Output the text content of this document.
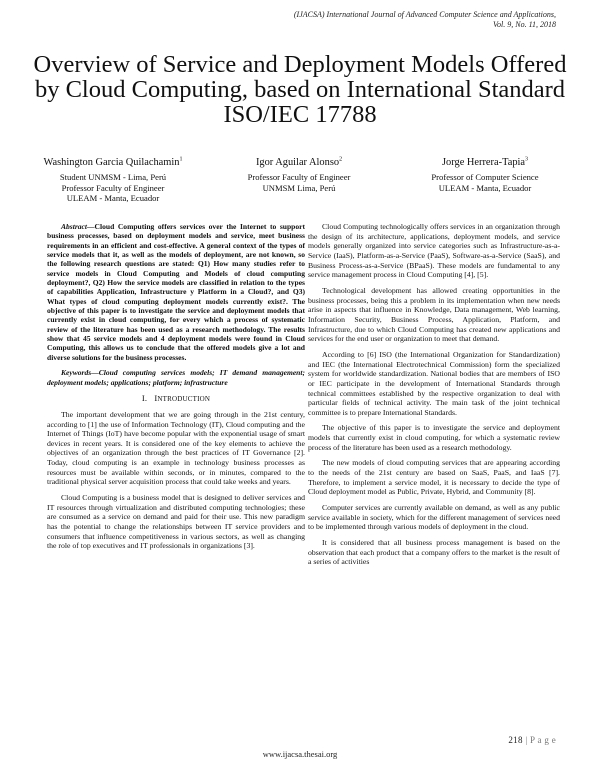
(IJACSA) International Journal of Advanced Computer Science and Applications,
Vol. 9, No. 11, 2018
Overview of Service and Deployment Models Offered by Cloud Computing, based on International Standard ISO/IEC 17788
Washington Garcia Quilachamin$^1$
Student UNMSM - Lima, Perú
Professor Faculty of Engineer
ULEAM - Manta, Ecuador
Igor Aguilar Alonso$^2$
Professor Faculty of Engineer
UNMSM Lima, Perú
Jorge Herrera-Tapia$^3$
Professor of Computer Science
ULEAM - Manta, Ecuador

Abstract—Cloud Computing offers services over the Internet to support business processes, based on deployment models and service, meet business requirements in an efficient and cost-effective. A general context of the types of service models that it, as well as the models of deployment, are not known, so the following research questions are stated: Q1) How many studies refer to service models in Cloud Computing and Models of cloud computing deployment?, Q2) How the service models are classified in relation to the types of capabilities Application, Infrastructure y Platform in a Cloud?, and Q3) What types of cloud computing deployment models currently exist?. The objective of this paper is to investigate the service and deployment models that currently exist in cloud computing, for every which a process of systematic review of the literature has been used as a research methodology. The results show that 45 service models and 4 deployment models were found in Cloud Computing, this allows us to conclude that the offered models give a lot and diverse solutions for the business processes.

Keywords—Cloud computing services models; IT demand management; deployment models; applications; platform; infrastructure

I. INTRODUCTION

The important development that we are going through in the 21st century, according to [1] the use of Information Technology (IT), Cloud computing and the Internet of Things (IoT) have become popular with the exponential usage of smart devices in recent years. It is considered one of the key elements to achieve the objectives of an organization through the best practices of IT Governance [2]. Today, cloud computing is an example in technology business processes as resources must be available within seconds, or in minutes, compared to the traditional physical server acquisition process that could take weeks and years.

Cloud Computing is a business model that is designed to deliver services and IT resources through virtualization and distributed computing technologies; these are consumed as a service on demand and paid for their use. This new paradigm has the potential to change the relationships between IT service providers and consumers that influence competitiveness in various sectors, as well as changing the role of top executives and IT professionals in organizations [3].

Cloud Computing technologically offers services in an organization through the design of its architecture, applications, deployment models, and service models generally organized into service categories such as Infrastructure-as-a-Service (IaaS), Platform-as-a-Service (PaaS), Software-as-a-Service (SaaS), and Business Process-as-a-Service (BPaaS). These models are fundamental to any service management process in Cloud Computing [4], [5].

Technological development has allowed creating opportunities in the business processes, being this a problem in its implementation when new needs arise in aspects that influence in Knowledge, Data management, Web learning, Information Security, Business Process, Application, Platform, and Infrastructure, due to which Cloud Computing has created new applications and services for the end user or organization to meet that demand.

According to [6] ISO (the International Organization for Standardization) and IEC (the International Electrotechnical Commission) form the specialized system for worldwide standardization. National bodies that are members of ISO or IEC participate in the development of International Standards through technical committees established by the respective organization to deal with particular fields of technical activity. The main task of the joint technical committee is to prepare International Standards.

The objective of this paper is to investigate the service and deployment models that currently exist in cloud computing, for which a systematic review process of the literature has been used as a research methodology.

The new models of cloud computing services that are appearing according to the needs of the 21st century are based on SaaS, PaaS, and IaaS [7]. Therefore, to implement a service model, it is necessary to decide the type of Cloud deployment model as Public, Private, Hybrid, and Community [8].

Computer services are currently available on demand, as well as any public service available in society, which for the different management of services need to be implemented through various models of deployment in the cloud.

It is considered that all business process management is based on the observation that each product that a company offers to the market is the result of a series of activities

218 | P a g e
www.ijacsa.thesai.org
